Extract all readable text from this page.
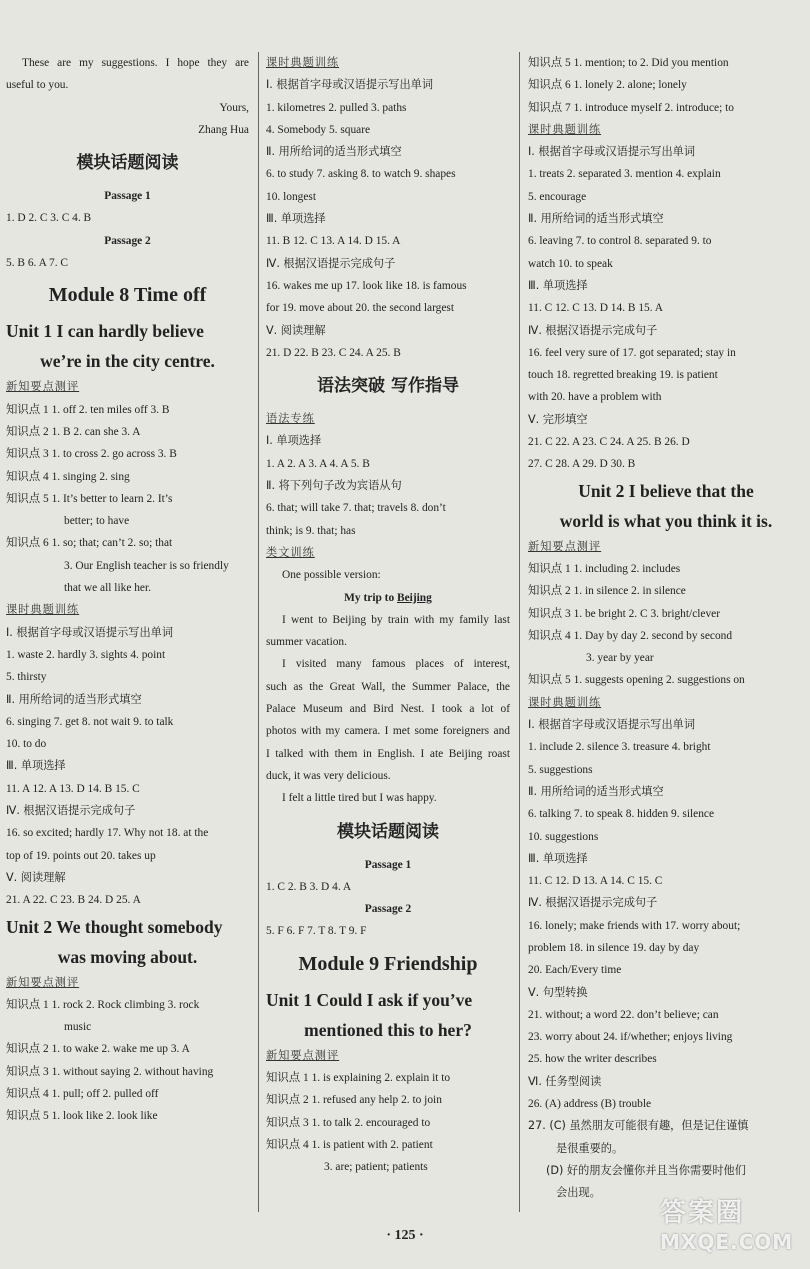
These are my suggestions. I hope they are
useful to you.
Yours,
Zhang Hua
模块话题阅读
Passage 1
1. D 2. C 3. C 4. B
Passage 2
5. B 6. A 7. C
Module 8 Time off
Unit 1 I can hardly believe
we’re in the city centre.
新知要点测评
知识点 1 1. off 2. ten miles off 3. B
知识点 2 1. B 2. can she 3. A
知识点 3 1. to cross 2. go across 3. B
知识点 4 1. singing 2. sing
知识点 5 1. It’s better to learn 2. It’s
better; to have
知识点 6 1. so; that; can’t 2. so; that
3. Our English teacher is so friendly
that we all like her.
课时典题训练
Ⅰ. 根据首字母或汉语提示写出单词
1. waste 2. hardly 3. sights 4. point
5. thirsty
Ⅱ. 用所给词的适当形式填空
6. singing 7. get 8. not wait 9. to talk
10. to do
Ⅲ. 单项选择
11. A 12. A 13. D 14. B 15. C
Ⅳ. 根据汉语提示完成句子
16. so excited; hardly 17. Why not 18. at the
top of 19. points out 20. takes up
Ⅴ. 阅读理解
21. A 22. C 23. B 24. D 25. A
Unit 2 We thought somebody
was moving about.
新知要点测评
知识点 1 1. rock 2. Rock climbing 3. rock
music
知识点 2 1. to wake 2. wake me up 3. A
知识点 3 1. without saying 2. without having
知识点 4 1. pull; off 2. pulled off
知识点 5 1. look like 2. look like
课时典题训练
Ⅰ. 根据首字母或汉语提示写出单词
1. kilometres 2. pulled 3. paths
4. Somebody 5. square
Ⅱ. 用所给词的适当形式填空
6. to study 7. asking 8. to watch 9. shapes
10. longest
Ⅲ. 单项选择
11. B 12. C 13. A 14. D 15. A
Ⅳ. 根据汉语提示完成句子
16. wakes me up 17. look like 18. is famous
for 19. move about 20. the second largest
Ⅴ. 阅读理解
21. D 22. B 23. C 24. A 25. B
语法突破 写作指导
语法专练
Ⅰ. 单项选择
1. A 2. A 3. A 4. A 5. B
Ⅱ. 将下列句子改为宾语从句
6. that; will take 7. that; travels 8. don’t
think; is 9. that; has
类文训练
One possible version:
My trip to Beijing
I went to Beijing by train with my family last
summer vacation.
I visited many famous places of interest,
such as the Great Wall, the Summer Palace, the
Palace Museum and Bird Nest. I took a lot of
photos with my camera. I met some foreigners and
I talked with them in English. I ate Beijing roast
duck, it was very delicious.
I felt a little tired but I was happy.
模块话题阅读
Passage 1
1. C 2. B 3. D 4. A
Passage 2
5. F 6. F 7. T 8. T 9. F
Module 9 Friendship
Unit 1 Could I ask if you’ve
mentioned this to her?
新知要点测评
知识点 1 1. is explaining 2. explain it to
知识点 2 1. refused any help 2. to join
知识点 3 1. to talk 2. encouraged to
知识点 4 1. is patient with 2. patient
3. are; patient; patients
知识点 5 1. mention; to 2. Did you mention
知识点 6 1. lonely 2. alone; lonely
知识点 7 1. introduce myself 2. introduce; to
课时典题训练
Ⅰ. 根据首字母或汉语提示写出单词
1. treats 2. separated 3. mention 4. explain
5. encourage
Ⅱ. 用所给词的适当形式填空
6. leaving 7. to control 8. separated 9. to
watch 10. to speak
Ⅲ. 单项选择
11. C 12. C 13. D 14. B 15. A
Ⅳ. 根据汉语提示完成句子
16. feel very sure of 17. got separated; stay in
touch 18. regretted breaking 19. is patient
with 20. have a problem with
Ⅴ. 完形填空
21. C 22. A 23. C 24. A 25. B 26. D
27. C 28. A 29. D 30. B
Unit 2 I believe that the
world is what you think it is.
新知要点测评
知识点 1 1. including 2. includes
知识点 2 1. in silence 2. in silence
知识点 3 1. be bright 2. C 3. bright/clever
知识点 4 1. Day by day 2. second by second
3. year by year
知识点 5 1. suggests opening 2. suggestions on
课时典题训练
Ⅰ. 根据首字母或汉语提示写出单词
1. include 2. silence 3. treasure 4. bright
5. suggestions
Ⅱ. 用所给词的适当形式填空
6. talking 7. to speak 8. hidden 9. silence
10. suggestions
Ⅲ. 单项选择
11. C 12. D 13. A 14. C 15. C
Ⅳ. 根据汉语提示完成句子
16. lonely; make friends with 17. worry about;
problem 18. in silence 19. day by day
20. Each/Every time
Ⅴ. 句型转换
21. without; a word 22. don’t believe; can
23. worry about 24. if/whether; enjoys living
25. how the writer describes
Ⅵ. 任务型阅读
26. (A) address (B) trouble
27. (C) 虽然朋友可能很有趣，但是记住谨慎
是很重要的。
(D) 好的朋友会懂你并且当你需要时他们
会出现。
· 125 ·
答案圈
MXQE.COM
